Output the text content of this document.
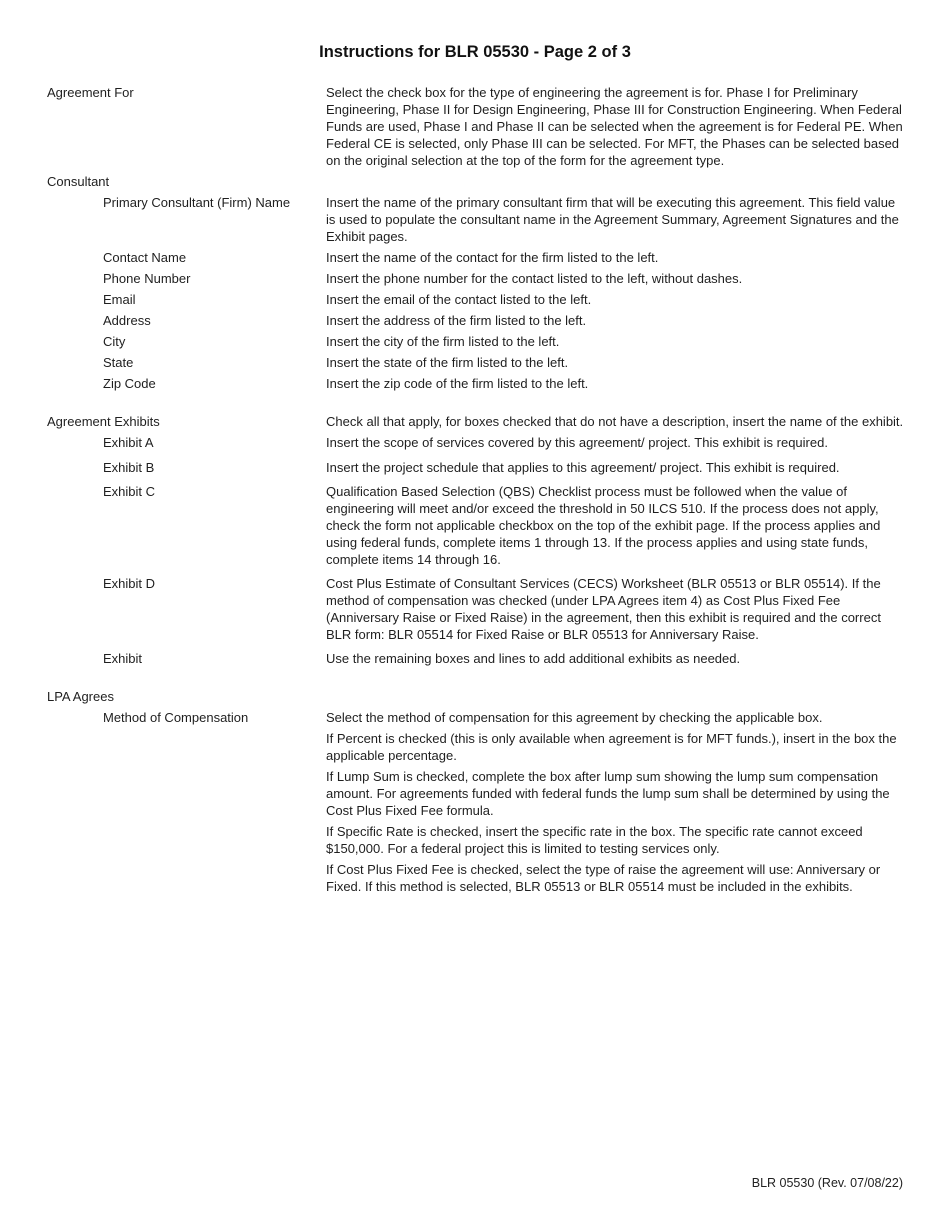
Instructions for BLR 05530 - Page 2 of 3
Agreement For	Select the check box for the type of engineering the agreement is for. Phase I for Preliminary Engineering, Phase II for Design Engineering, Phase III for Construction Engineering. When Federal Funds are used, Phase I and Phase II can be selected when the agreement is for Federal PE. When Federal CE is selected, only Phase III can be selected. For MFT, the Phases can be selected based on the original selection at the top of the form for the agreement type.
Consultant
Primary Consultant (Firm) Name	Insert the name of the primary consultant firm that will be executing this agreement. This field value is used to populate the consultant name in the Agreement Summary, Agreement Signatures and the Exhibit pages.
Contact Name	Insert the name of the contact for the firm listed to the left.
Phone Number	Insert the phone number for the contact listed to the left, without dashes.
Email	Insert the email of the contact listed to the left.
Address	Insert the address of the firm listed to the left.
City	Insert the city of the firm listed to the left.
State	Insert the state of the firm listed to the left.
Zip Code	Insert the zip code of the firm listed to the left.
Agreement Exhibits	Check all that apply, for boxes checked that do not have a description, insert the name of the exhibit.
Exhibit A	Insert the scope of services covered by this agreement/ project. This exhibit is required.
Exhibit B	Insert the project schedule that applies to this agreement/ project. This exhibit is required.
Exhibit C	Qualification Based Selection (QBS) Checklist process must be followed when the value of engineering will meet and/or exceed the threshold in 50 ILCS 510. If the process does not apply, check the form not applicable checkbox on the top of the exhibit page. If the process applies and using federal funds, complete items 1 through 13. If the process applies and using state funds, complete items 14 through 16.
Exhibit D	Cost Plus Estimate of Consultant Services (CECS) Worksheet (BLR 05513 or BLR 05514). If the method of compensation was checked (under LPA Agrees item 4) as Cost Plus Fixed Fee (Anniversary Raise or Fixed Raise) in the agreement, then this exhibit is required and the correct BLR form: BLR 05514 for Fixed Raise or BLR 05513 for Anniversary Raise.
Exhibit	Use the remaining boxes and lines to add additional exhibits as needed.
LPA Agrees
Method of Compensation	Select the method of compensation for this agreement by checking the applicable box.

If Percent is checked (this is only available when agreement is for MFT funds.), insert in the box the applicable percentage.

If Lump Sum is checked, complete the box after lump sum showing the lump sum compensation amount. For agreements funded with federal funds the lump sum shall be determined by using the Cost Plus Fixed Fee formula.

If Specific Rate is checked, insert the specific rate in the box. The specific rate cannot exceed $150,000. For a federal project this is limited to testing services only.

If Cost Plus Fixed Fee is checked, select the type of raise the agreement will use: Anniversary or Fixed. If this method is selected, BLR 05513 or BLR 05514 must be included in the exhibits.

BLR 05530 (Rev. 07/08/22)
